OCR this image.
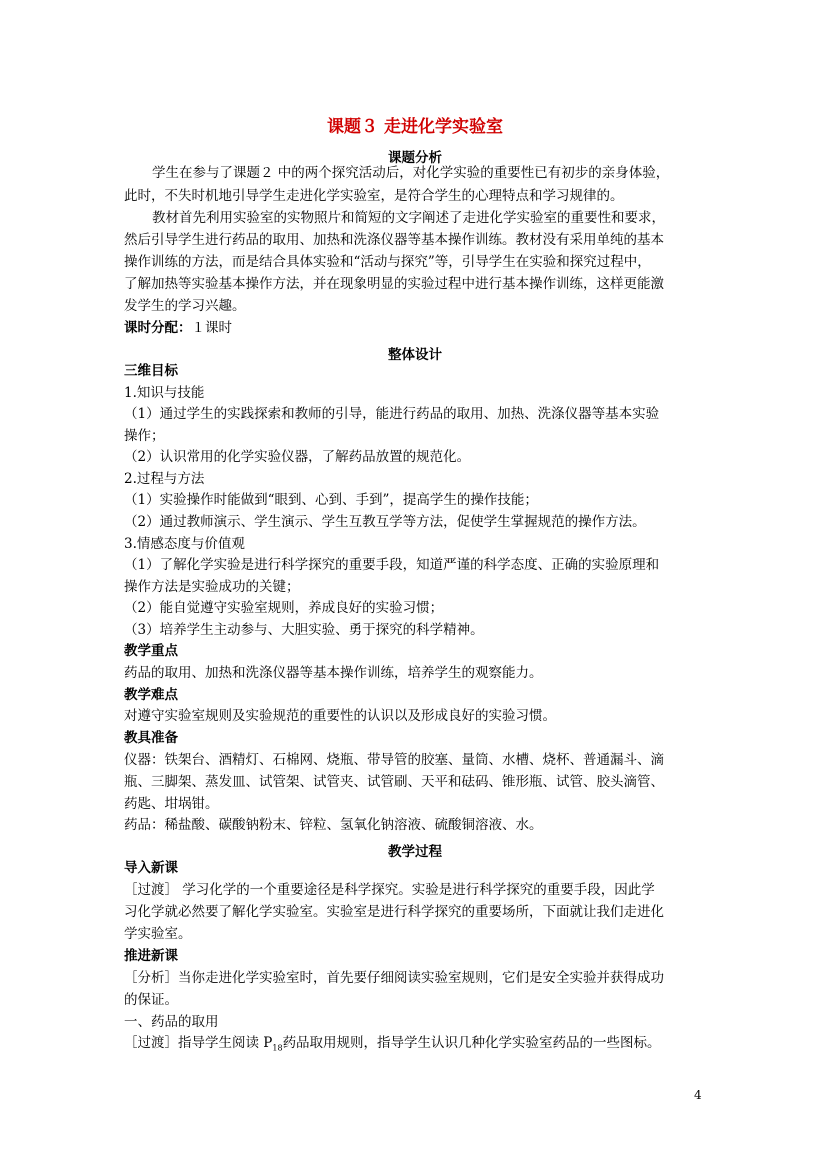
课题３ 走进化学实验室
课题分析
学生在参与了课题２ 中的两个探究活动后，对化学实验的重要性已有初步的亲身体验，
此时，不失时机地引导学生走进化学实验室，是符合学生的心理特点和学习规律的。
教材首先利用实验室的实物照片和简短的文字阐述了走进化学实验室的重要性和要求，
然后引导学生进行药品的取用、加热和洗涤仪器等基本操作训练。教材没有采用单纯的基本
操作训练的方法，而是结合具体实验和“活动与探究”等，引导学生在实验和探究过程中，
了解加热等实验基本操作方法，并在现象明显的实验过程中进行基本操作训练，这样更能激
发学生的学习兴趣。
课时分配：１课时
整体设计
三维目标
1.知识与技能
（1）通过学生的实践探索和教师的引导，能进行药品的取用、加热、洗涤仪器等基本实验
操作；
（2）认识常用的化学实验仪器，了解药品放置的规范化。
2.过程与方法
（1）实验操作时能做到“眼到、心到、手到”，提高学生的操作技能；
（2）通过教师演示、学生演示、学生互教互学等方法，促使学生掌握规范的操作方法。
3.情感态度与价值观
（1）了解化学实验是进行科学探究的重要手段，知道严谨的科学态度、正确的实验原理和
操作方法是实验成功的关键；
（2）能自觉遵守实验室规则，养成良好的实验习惯；
（3）培养学生主动参与、大胆实验、勇于探究的科学精神。
教学重点
药品的取用、加热和洗涤仪器等基本操作训练，培养学生的观察能力。
教学难点
对遵守实验室规则及实验规范的重要性的认识以及形成良好的实验习惯。
教具准备
仪器：铁架台、酒精灯、石棉网、烧瓶、带导管的胶塞、量筒、水槽、烧杯、普通漏斗、滴
瓶、三脚架、蒸发皿、试管架、试管夹、试管刷、天平和砝码、锥形瓶、试管、胶头滴管、
药匙、坩埚钳。
药品：稀盐酸、碳酸钠粉末、锌粒、氢氧化钠溶液、硫酸铜溶液、水。
教学过程
导入新课
［过渡］ 学习化学的一个重要途径是科学探究。实验是进行科学探究的重要手段，因此学
习化学就必然要了解化学实验室。实验室是进行科学探究的重要场所，下面就让我们走进化
学实验室。
推进新课
［分析］当你走进化学实验室时，首先要仔细阅读实验室规则，它们是安全实验并获得成功
的保证。
一、药品的取用
［过渡］指导学生阅读 $P_{18}$药品取用规则，指导学生认识几种化学实验室药品的一些图标。
4
